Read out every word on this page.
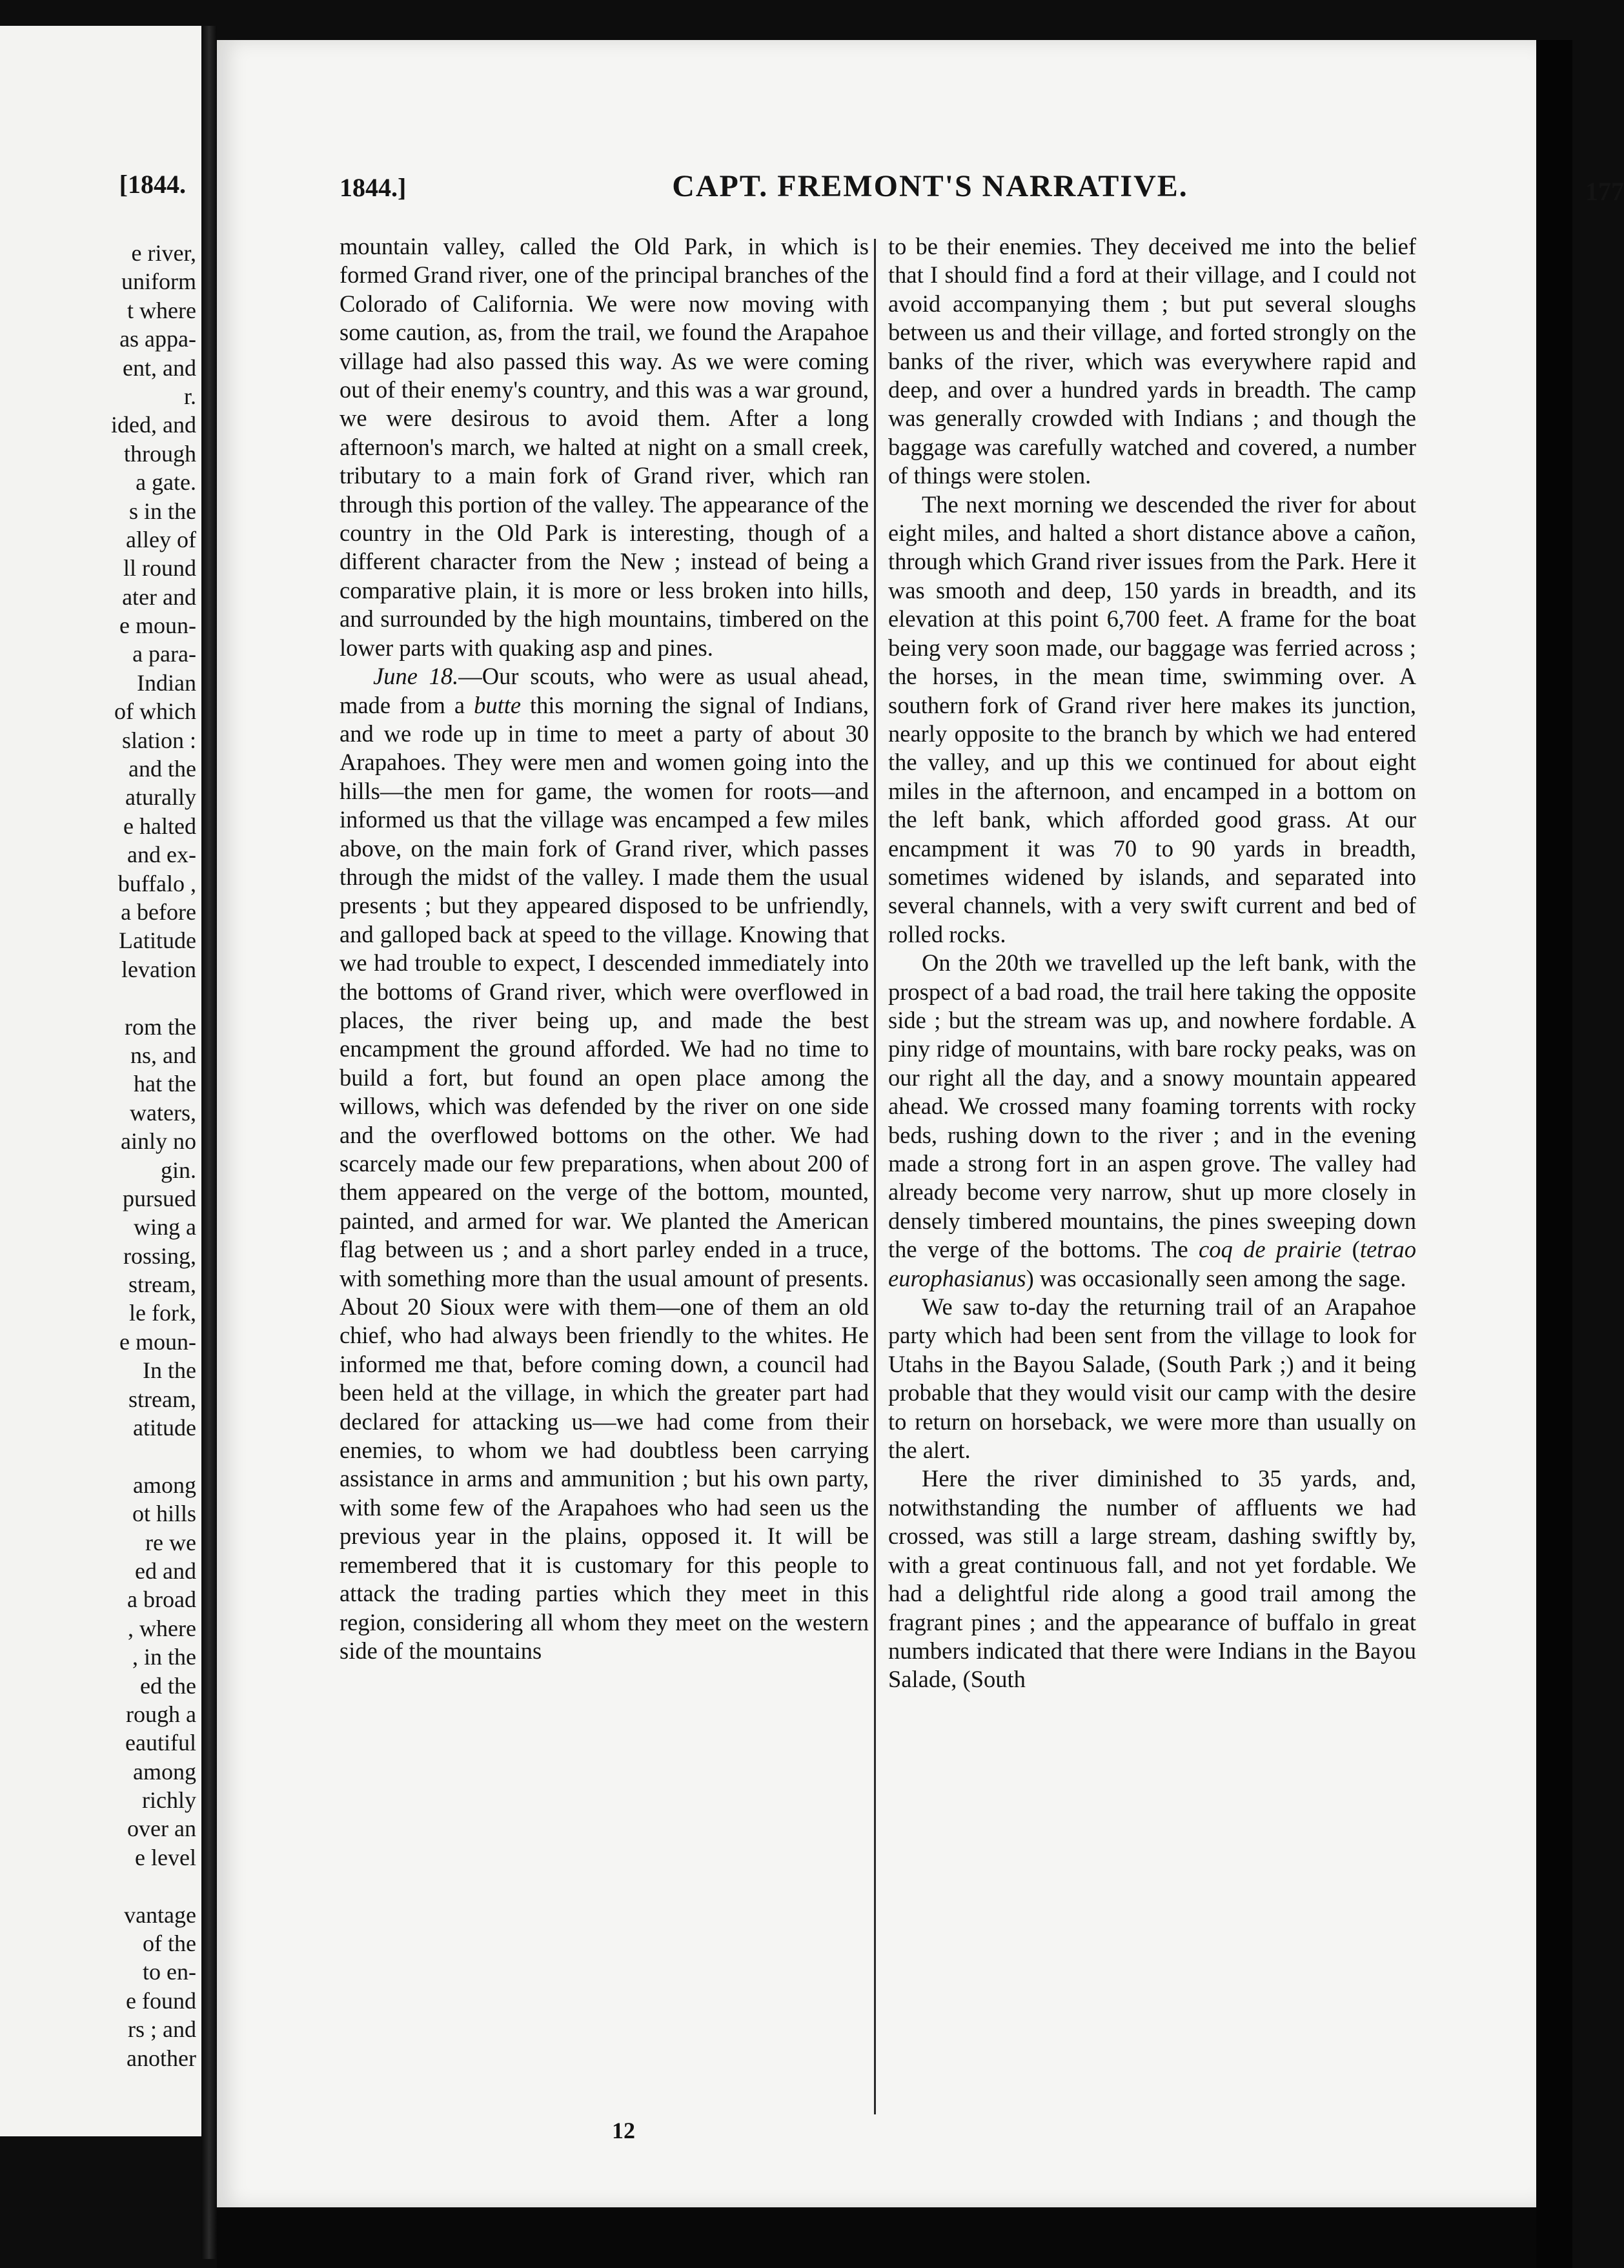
[1844.
e river,
uniform
t where
as appa-
ent, and
r.
ided, and
through
a gate.
s in the
alley of
ll round
ater and
e moun-
a para-
Indian
of which
slation :
and the
aturally
e halted
and ex-
buffalo ,
a before
Latitude
levation
rom the
ns, and
hat the
waters,
ainly no
gin.
pursued
wing a
rossing,
stream,
le fork,
e moun-
In the
stream,
atitude
among
ot hills
re we
ed and
a broad
, where
, in the
ed the
rough a
eautiful
among
richly
over an
e level
vantage
of the
to en-
e found
rs ; and
another
1844.]	CAPT. FREMONT'S NARRATIVE.	177

mountain valley, called the Old Park, in which is formed Grand river, one of the principal branches of the Colorado of California. We were now moving with some caution, as, from the trail, we found the Arapahoe village had also passed this way. As we were coming out of their enemy's country, and this was a war ground, we were desirous to avoid them. After a long afternoon's march, we halted at night on a small creek, tributary to a main fork of Grand river, which ran through this portion of the valley. The appearance of the country in the Old Park is interesting, though of a different character from the New ; instead of being a comparative plain, it is more or less broken into hills, and surrounded by the high mountains, timbered on the lower parts with quaking asp and pines.

June 18.—Our scouts, who were as usual ahead, made from a butte this morning the signal of Indians, and we rode up in time to meet a party of about 30 Arapahoes. They were men and women going into the hills—the men for game, the women for roots—and informed us that the village was encamped a few miles above, on the main fork of Grand river, which passes through the midst of the valley. I made them the usual presents ; but they appeared disposed to be unfriendly, and galloped back at speed to the village. Knowing that we had trouble to expect, I descended immediately into the bottoms of Grand river, which were overflowed in places, the river being up, and made the best encampment the ground afforded. We had no time to build a fort, but found an open place among the willows, which was defended by the river on one side and the overflowed bottoms on the other. We had scarcely made our few preparations, when about 200 of them appeared on the verge of the bottom, mounted, painted, and armed for war. We planted the American flag between us ; and a short parley ended in a truce, with something more than the usual amount of presents. About 20 Sioux were with them—one of them an old chief, who had always been friendly to the whites. He informed me that, before coming down, a council had been held at the village, in which the greater part had declared for attacking us—we had come from their enemies, to whom we had doubtless been carrying assistance in arms and ammunition ; but his own party, with some few of the Arapahoes who had seen us the previous year in the plains, opposed it. It will be remembered that it is customary for this people to attack the trading parties which they meet in this region, considering all whom they meet on the western side of the mountains

to be their enemies. They deceived me into the belief that I should find a ford at their village, and I could not avoid accompanying them ; but put several sloughs between us and their village, and forted strongly on the banks of the river, which was everywhere rapid and deep, and over a hundred yards in breadth. The camp was generally crowded with Indians ; and though the baggage was carefully watched and covered, a number of things were stolen.

The next morning we descended the river for about eight miles, and halted a short distance above a cañon, through which Grand river issues from the Park. Here it was smooth and deep, 150 yards in breadth, and its elevation at this point 6,700 feet. A frame for the boat being very soon made, our baggage was ferried across ; the horses, in the mean time, swimming over. A southern fork of Grand river here makes its junction, nearly opposite to the branch by which we had entered the valley, and up this we continued for about eight miles in the afternoon, and encamped in a bottom on the left bank, which afforded good grass. At our encampment it was 70 to 90 yards in breadth, sometimes widened by islands, and separated into several channels, with a very swift current and bed of rolled rocks.

On the 20th we travelled up the left bank, with the prospect of a bad road, the trail here taking the opposite side ; but the stream was up, and nowhere fordable. A piny ridge of mountains, with bare rocky peaks, was on our right all the day, and a snowy mountain appeared ahead. We crossed many foaming torrents with rocky beds, rushing down to the river ; and in the evening made a strong fort in an aspen grove. The valley had already become very narrow, shut up more closely in densely timbered mountains, the pines sweeping down the verge of the bottoms. The coq de prairie (tetrao europhasianus) was occasionally seen among the sage.

We saw to-day the returning trail of an Arapahoe party which had been sent from the village to look for Utahs in the Bayou Salade, (South Park ;) and it being probable that they would visit our camp with the desire to return on horseback, we were more than usually on the alert.

Here the river diminished to 35 yards, and, notwithstanding the number of affluents we had crossed, was still a large stream, dashing swiftly by, with a great continuous fall, and not yet fordable. We had a delightful ride along a good trail among the fragrant pines ; and the appearance of buffalo in great numbers indicated that there were Indians in the Bayou Salade, (South

12
